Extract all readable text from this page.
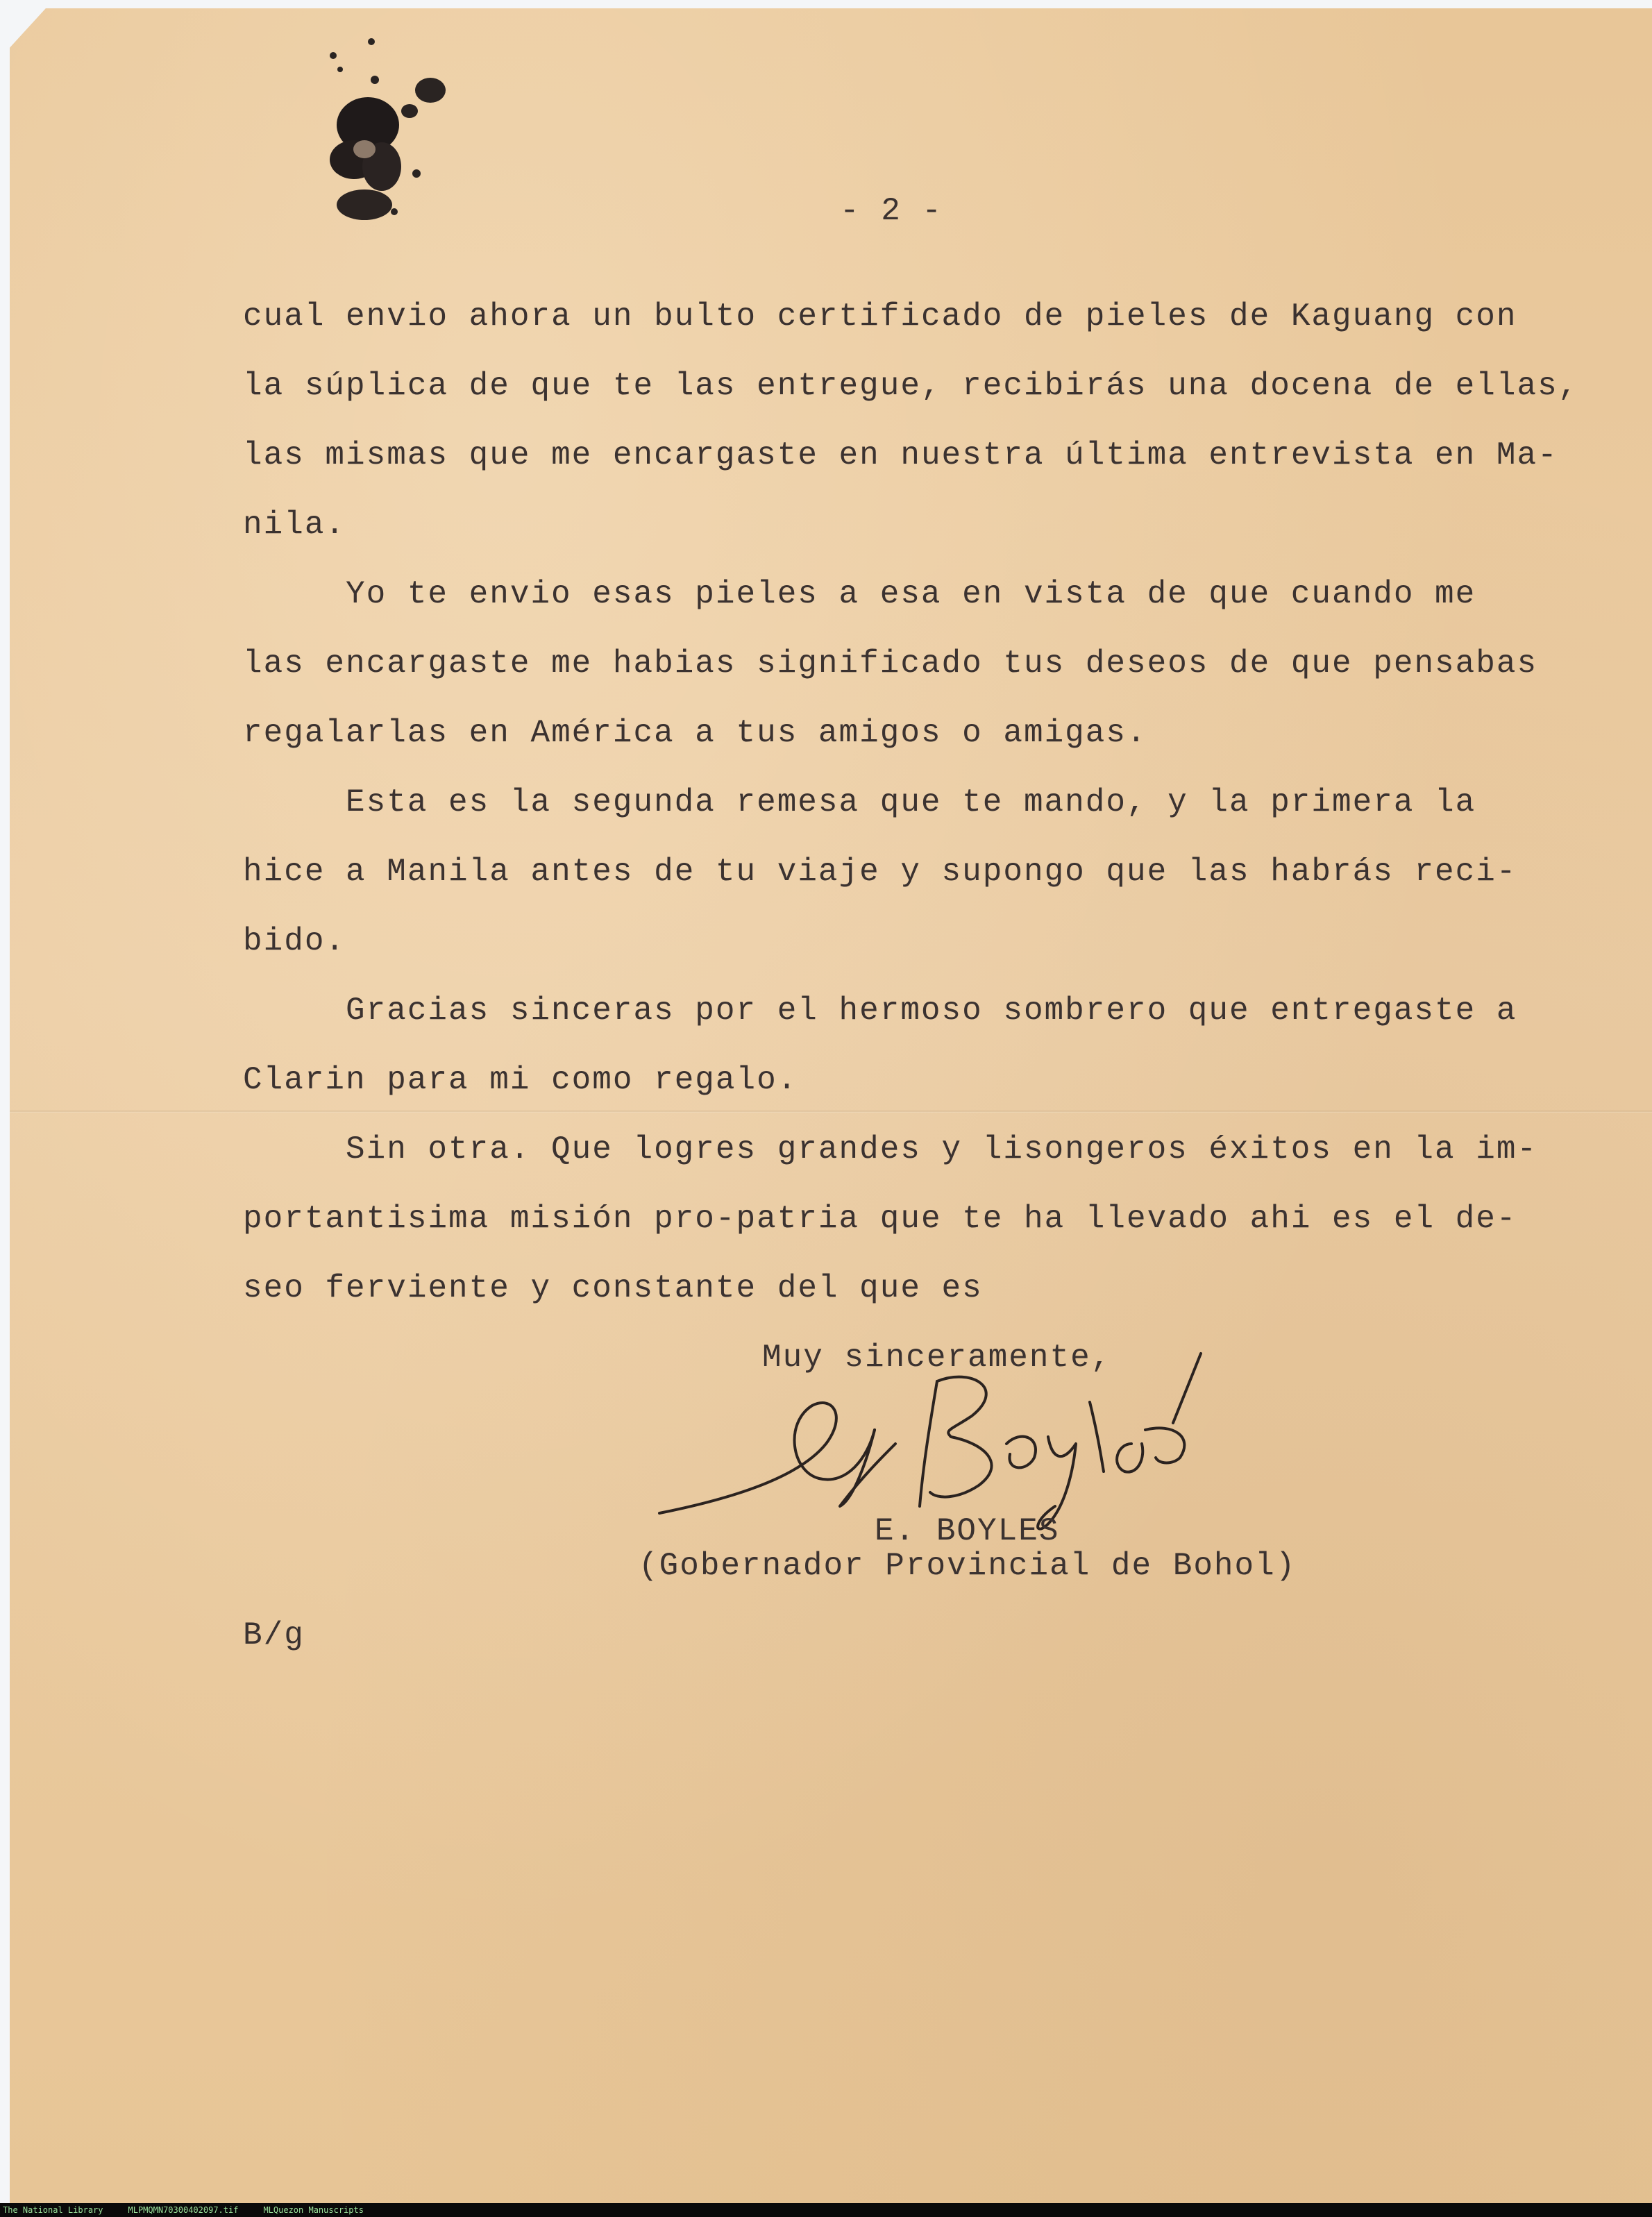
- 2 -

cual envio ahora un bulto certificado de pieles de Kaguang con

la súplica de que te las entregue, recibirás una docena de ellas,

las mismas que me encargaste en nuestra última entrevista en Ma-

nila.

Yo te envio esas pieles a esa en vista de que cuando me

las encargaste me habias significado tus deseos de que pensabas

regalarlas en América a tus amigos o amigas.

Esta es la segunda remesa que te mando, y la primera la

hice a Manila antes de tu viaje y supongo que las habrás reci-

bido.

Gracias sinceras por el hermoso sombrero que entregaste a

Clarin para mi como regalo.

Sin otra. Que logres grandes y lisongeros éxitos en la im-

portantisima misión pro-patria que te ha llevado ahi es el de-

seo ferviente y constante del que es

Muy sinceramente,

E. BOYLES

(Gobernador Provincial de Bohol)

B/g

The National Library	MLPMQMN70300402097.tif	MLQuezon Manuscripts
